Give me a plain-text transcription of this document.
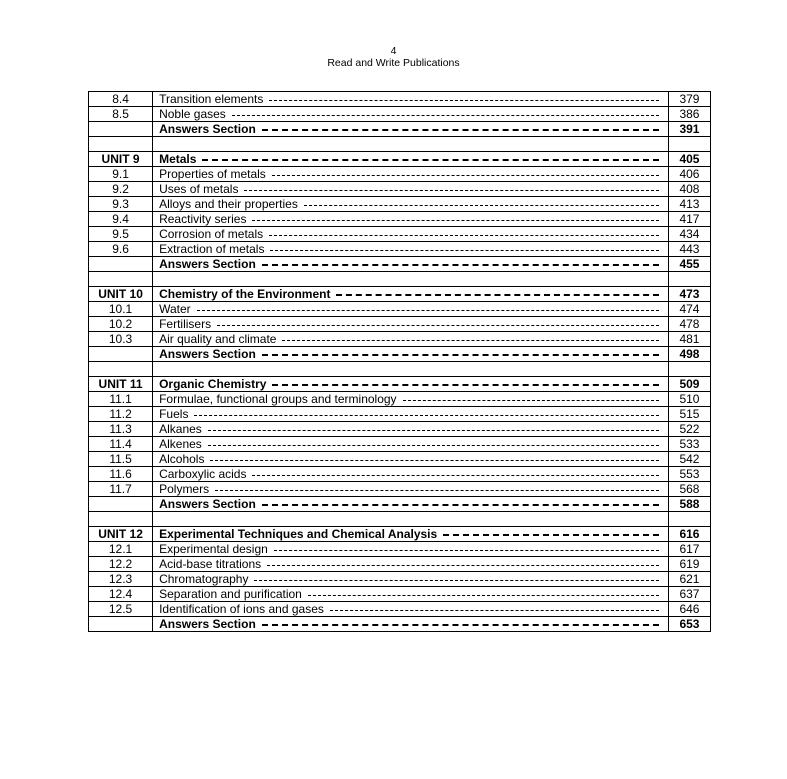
4
Read and Write Publications
8.4	Transition elements	379
8.5	Noble gases	386

	Answers Section	391

UNIT 9	Metals	405
9.1	Properties of metals	406
9.2	Uses of metals	408
9.3	Alloys and their properties	413
9.4	Reactivity series	417
9.5	Corrosion of metals	434
9.6	Extraction of metals	443

	Answers Section	455

UNIT 10	Chemistry of the Environment	473
10.1	Water	474
10.2	Fertilisers	478
10.3	Air quality and climate	481

	Answers Section	498

UNIT 11	Organic Chemistry	509
11.1	Formulae, functional groups and terminology	510
11.2	Fuels	515
11.3	Alkanes	522
11.4	Alkenes	533
11.5	Alcohols	542
11.6	Carboxylic acids	553
11.7	Polymers	568

	Answers Section	588

UNIT 12	Experimental Techniques and Chemical Analysis	616
12.1	Experimental design	617
12.2	Acid-base titrations	619
12.3	Chromatography	621
12.4	Separation and purification	637
12.5	Identification of ions and gases	646

	Answers Section	653
